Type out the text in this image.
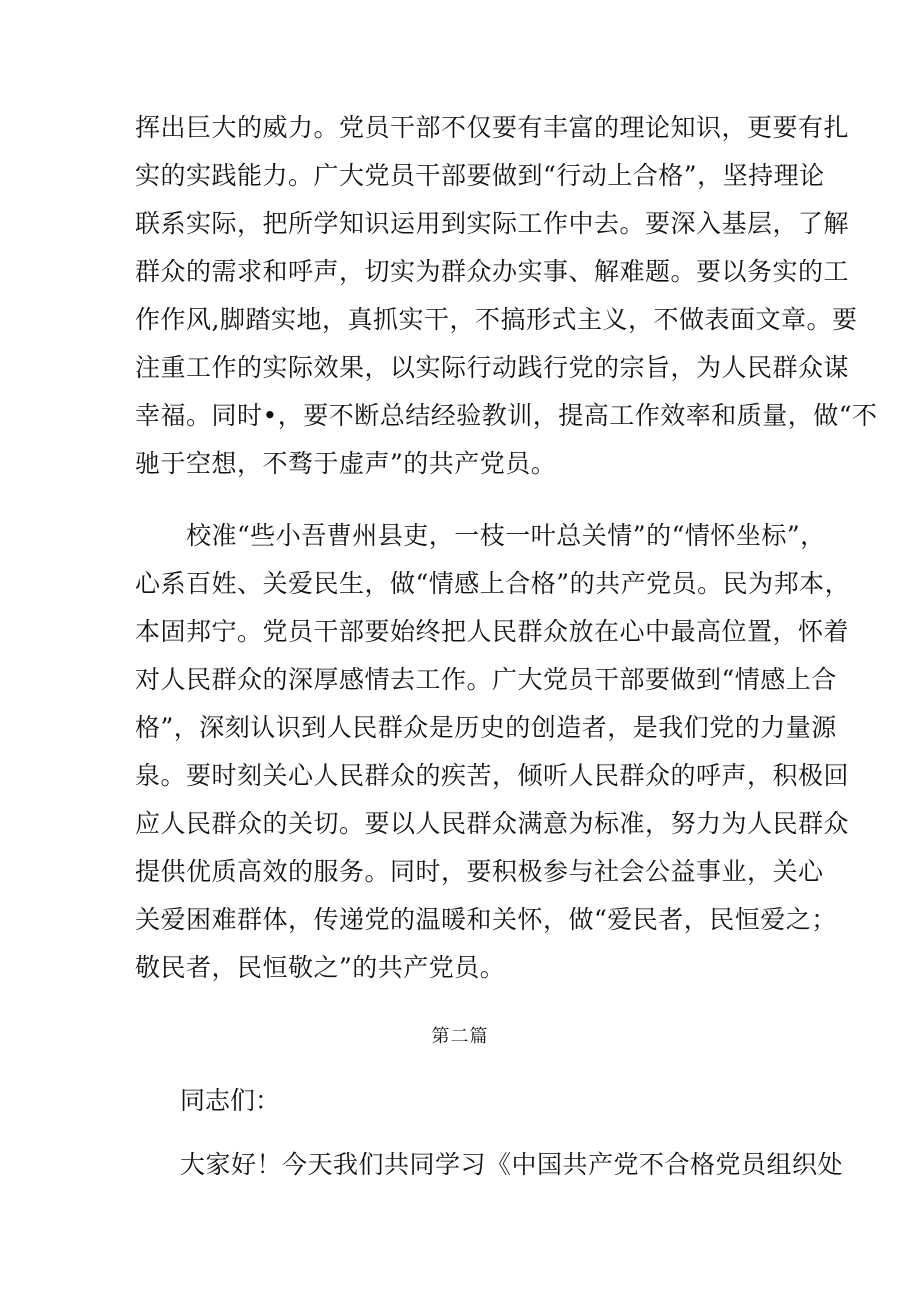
挥出巨大的威力。党员干部不仅要有丰富的理论知识，更要有扎
实的实践能力。广大党员干部要做到“行动上合格”，坚持理论
联系实际，把所学知识运用到实际工作中去。要深入基层，了解
群众的需求和呼声，切实为群众办实事、解难题。要以务实的工
作作风,脚踏实地，真抓实干，不搞形式主义，不做表面文章。要
注重工作的实际效果，以实际行动践行党的宗旨，为人民群众谋
幸福。同时•，要不断总结经验教训，提高工作效率和质量，做“不
驰于空想，不骛于虚声”的共产党员。
　　校准“些小吾曹州县吏，一枝一叶总关情”的“情怀坐标”，
心系百姓、关爱民生，做“情感上合格”的共产党员。民为邦本，
本固邦宁。党员干部要始终把人民群众放在心中最高位置，怀着
对人民群众的深厚感情去工作。广大党员干部要做到“情感上合
格”，深刻认识到人民群众是历史的创造者，是我们党的力量源
泉。要时刻关心人民群众的疾苦，倾听人民群众的呼声，积极回
应人民群众的关切。要以人民群众满意为标准，努力为人民群众
提供优质高效的服务。同时，要积极参与社会公益事业，关心
关爱困难群体，传递党的温暖和关怀，做“爱民者，民恒爱之；
敬民者，民恒敬之”的共产党员。
第二篇
同志们：
大家好！今天我们共同学习《中国共产党不合格党员组织处
